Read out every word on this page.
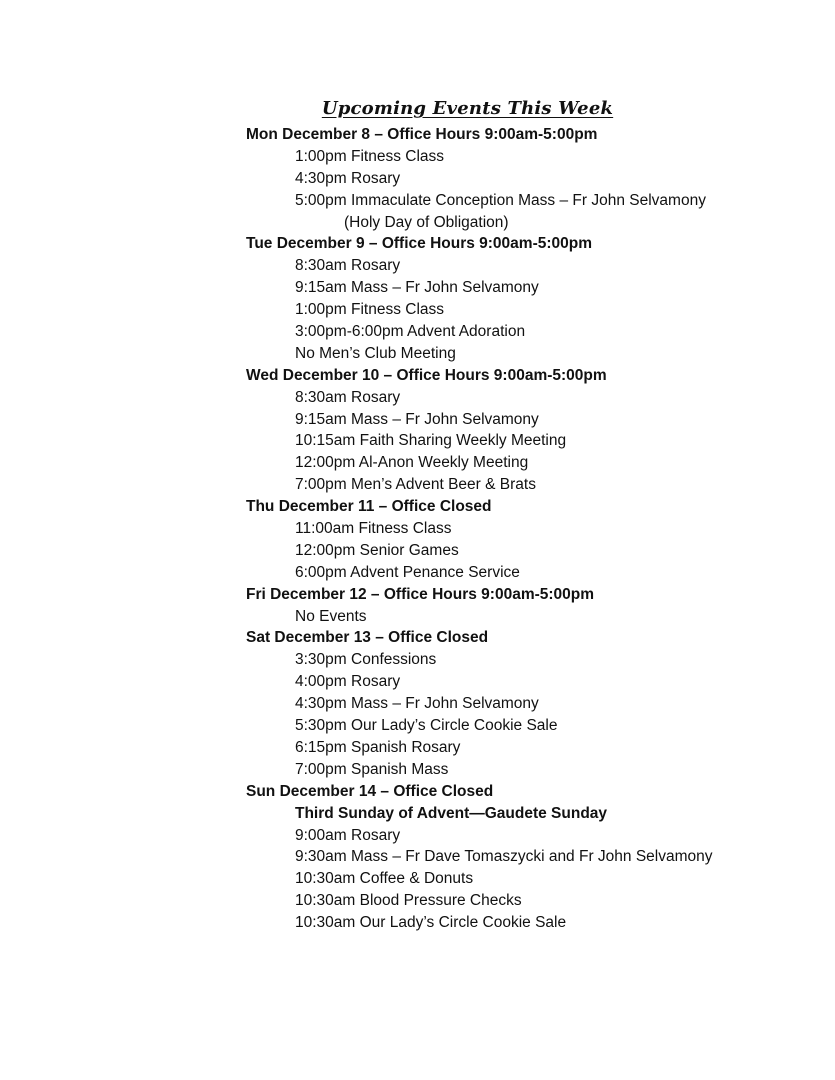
Upcoming Events This Week
Mon December 8 – Office Hours 9:00am-5:00pm
1:00pm Fitness Class
4:30pm Rosary
5:00pm Immaculate Conception Mass – Fr John Selvamony
(Holy Day of Obligation)
Tue December 9 – Office Hours 9:00am-5:00pm
8:30am Rosary
9:15am Mass – Fr John Selvamony
1:00pm Fitness Class
3:00pm-6:00pm Advent Adoration
No Men’s Club Meeting
Wed December 10 – Office Hours 9:00am-5:00pm
8:30am Rosary
9:15am Mass – Fr John Selvamony
10:15am Faith Sharing Weekly Meeting
12:00pm Al-Anon Weekly Meeting
7:00pm Men’s Advent Beer & Brats
Thu December 11 – Office Closed
11:00am Fitness Class
12:00pm Senior Games
6:00pm Advent Penance Service
Fri December 12 – Office Hours 9:00am-5:00pm
No Events
Sat December 13 – Office Closed
3:30pm Confessions
4:00pm Rosary
4:30pm Mass – Fr John Selvamony
5:30pm Our Lady’s Circle Cookie Sale
6:15pm Spanish Rosary
7:00pm Spanish Mass
Sun December 14 – Office Closed
Third Sunday of Advent—Gaudete Sunday
9:00am Rosary
9:30am Mass – Fr Dave Tomaszycki and Fr John Selvamony
10:30am Coffee & Donuts
10:30am Blood Pressure Checks
10:30am Our Lady’s Circle Cookie Sale
